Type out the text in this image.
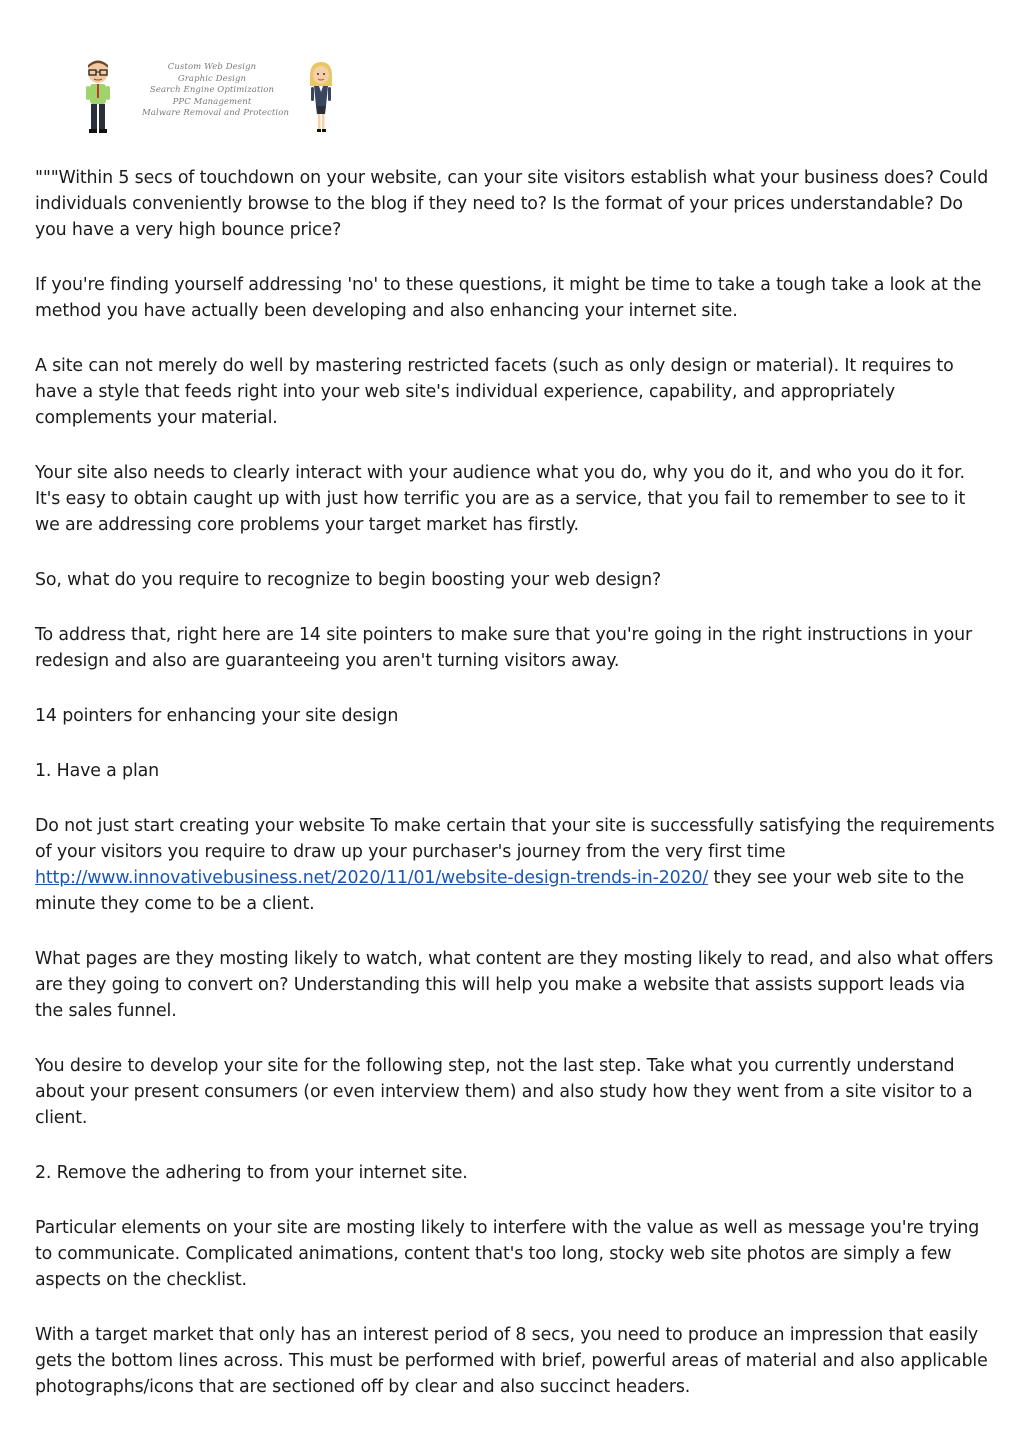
Custom Web Design
Graphic Design
Search Engine Optimization
PPC Management
Malware Removal and Protection

"""Within 5 secs of touchdown on your website, can your site visitors establish what your business does? Could individuals conveniently browse to the blog if they need to? Is the format of your prices understandable? Do you have a very high bounce price?

If you're finding yourself addressing 'no' to these questions, it might be time to take a tough take a look at the method you have actually been developing and also enhancing your internet site.

A site can not merely do well by mastering restricted facets (such as only design or material). It requires to have a style that feeds right into your web site's individual experience, capability, and appropriately complements your material.

Your site also needs to clearly interact with your audience what you do, why you do it, and who you do it for. It's easy to obtain caught up with just how terrific you are as a service, that you fail to remember to see to it we are addressing core problems your target market has firstly.

So, what do you require to recognize to begin boosting your web design?

To address that, right here are 14 site pointers to make sure that you're going in the right instructions in your redesign and also are guaranteeing you aren't turning visitors away.

14 pointers for enhancing your site design

1. Have a plan

Do not just start creating your website To make certain that your site is successfully satisfying the requirements of your visitors you require to draw up your purchaser's journey from the very first time http://www.innovativebusiness.net/2020/11/01/website-design-trends-in-2020/ they see your web site to the minute they come to be a client.

What pages are they mosting likely to watch, what content are they mosting likely to read, and also what offers are they going to convert on? Understanding this will help you make a website that assists support leads via the sales funnel.

You desire to develop your site for the following step, not the last step. Take what you currently understand about your present consumers (or even interview them) and also study how they went from a site visitor to a client.

2. Remove the adhering to from your internet site.

Particular elements on your site are mosting likely to interfere with the value as well as message you're trying to communicate. Complicated animations, content that's too long, stocky web site photos are simply a few aspects on the checklist.

With a target market that only has an interest period of 8 secs, you need to produce an impression that easily gets the bottom lines across. This must be performed with brief, powerful areas of material and also applicable photographs/icons that are sectioned off by clear and also succinct headers.
